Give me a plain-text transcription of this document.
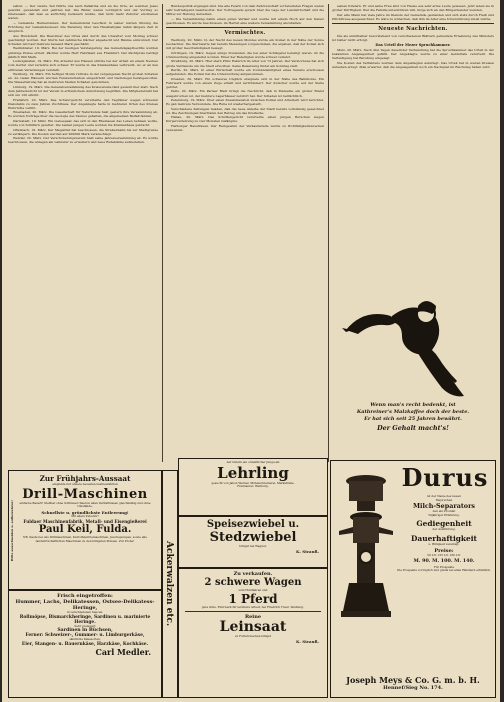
selbst. — Der zweite Teil führte uns nach Palästina und an die Orte, an welchen Jesus gewirkt, gewandelt und gelitten hat. Die Bilder waren vorzüglich und der Vortrag so interessant, daß man es aufrichtig bedauern mußte, daß nicht mehr Zuhörer erschienen waren.

— Gemeinde Heimersleben. Der Gemeinderat beschloß in seiner letzten Sitzung die Erhöhung der Gemeindesteuer. Die Beratung über den Haushaltplan nahm längere Zeit in Anspruch.

Aus Hundstadt. Die Bewohner des Ortes sind durch das Unwetter vom Montag schwer geschädigt worden. Der Sturm hat zahlreiche Dächer abgedeckt und Bäume entwurzelt. Der Schaden wird auf mehrere tausend Mark geschätzt.

Weilmünster, 19. März. Bei der heutigen Versteigerung des Gemeindejagdbezirks wurden günstige Preise erzielt. Pächter wurde Herr Fabrikant aus Frankfurt. Der Pachtpreis beträgt jährlich 800 Mark.

Ludwigshafen, 19. März. Ein Arbeiter aus Hausen stürzte bei der Arbeit an einem Neubau vom Gerüst und verletzte sich schwer. Er wurde in das Krankenhaus verbracht, wo er an den erlittenen Verletzungen verstarb.

Weilburg, 19. März. Ein heftiger Sturm richtete in der vergangenen Nacht großen Schaden an. An vielen Häusern wurden Fensterscheiben eingedrückt und Dachziegel herabgeworfen. Die Wasserleitung hat an mehreren Stellen Schaden genommen.

Limburg, 19. März. Die Generalversammlung des Kreisvereins fand gestern hier statt. Nach dem Jahresbericht ist der Verein in erfreulichem Aufschwung begriffen. Die Mitgliederzahl hat sich um 120 erhöht.

Frankfurt, 20. März. Das Schwurgericht verurteilte den Taglöhner wegen schweren Diebstahls zu zwei Jahren Zuchthaus. Der Angeklagte hatte in mehreren Orten des Kreises Einbrüche verübt.

Wiesbaden, 20. März. Die Gesellschaft für Naturkunde hielt gestern ihre Versammlung ab. Es wurden Vorträge über die Geologie des Taunus gehalten, die allgemeinen Beifall fanden.

Darmstadt, 19. März. Ein Liebespaar, das sich in den Rheinauen das Leben nehmen wollte, wurde von Schiffern gerettet. Die beiden jungen Leute wurden ins Krankenhaus gebracht.

Offenbach, 19. März. Der Magistrat hat beschlossen, die Straßenbahn bis zur Stadtgrenze zu verlängern. Die Kosten werden auf 200000 Mark veranschlagt.

Wetzlar, 20. März. Der Verschönerungsverein hielt seine Jahresversammlung ab. Es wurde beschlossen, die Anlagen am Lahnufer zu erweitern und neue Ruhebänke aufzustellen.

Bundespolitik ergangen sind. Die alle Feiern von dem Zuhörerschaft vorbereiteten Fragen waren sehr befriedigend beantwortet. Der Vortragende sprach über die Lage der Landwirtschaft und die Mittel zur Hebung derselben.

— Die Versammlung nahm einen guten Verlauf und wurde mit einem Hoch auf den Kaiser geschlossen. Es wurde beschlossen, im Herbst eine weitere Versammlung abzuhalten.

Vermischtes.

Weilburg, 20. März. In der Nacht des neuen Mondes wurde ein Komet in der Nähe der Sonne beobachtet. Die Sternwarte hat bereits Messungen vorgenommen, die ergaben, daß der Komet sich mit großer Geschwindigkeit bewegt.

Göttingen, 19. März. Gegen einige Studenten, die bei einer Schlägerei beteiligt waren, ist die Untersuchung eingeleitet worden. Einer der Beteiligten wurde schwer verletzt.

Straßburg, 20. März. Hier starb Prinz Heinrich im Alter von 72 Jahren. Der Verstorbene hat sich große Verdienste um die Stadt erworben. Seine Beisetzung findet am Sonntag statt.

Berlin, 20. März. In einer Wirtschaft wurde ein Vorstandsmitglied eines Vereins erschossen aufgefunden. Die Polizei hat die Untersuchung aufgenommen.

Dresden, 20. März. Ein schweres Unglück ereignete sich in der Nähe des Bahnhofes. Ein Fuhrwerk wurde von einem Zuge erfaßt und zertrümmert. Der Kutscher wurde auf der Stelle getötet.

Paris, 20. März. Ein Pariser Blatt bringt die Nachricht, daß in Marseille ein großer Brand ausgebrochen ist, der mehrere Lagerhäuser zerstört hat. Der Schaden ist beträchtlich.

Petersburg, 19. März. Über einen Zusammenstoß zwischen Polizei und Arbeitern wird berichtet. Es gab mehrere Verwundete. Die Ruhe ist wiederhergestellt.

Verschiedene Zeitungen melden, daß die neue Anleihe der Stadt bereits vollständig gezeichnet ist. Die Zeichnungen übertrafen den Betrag um das Dreifache.

Hanau, 20. März. Das Schöffengericht verurteilte einen jungen Burschen wegen Körperverletzung zu vier Monaten Gefängnis.

Harburger Hausfrauen. Der Reingewinn der Verkaufsstelle wurde zu Wohltätigkeitszwecken verwendet.

seinen Kindern. Er und seine Frau sind von Hause aus sehr arme Leute gewesen. Jetzt leben sie in großer Dürftigkeit. Wer die Familie unterstützen will, möge sich an den Bürgermeister wenden.

Der alte Mann hat viele Jahre im Dienste der Gemeinde gestanden und sich stets durch Fleiß und Pflichttreue ausgezeichnet. Es wäre zu wünschen, daß ihm im Alter eine Unterstützung zuteil würde.

Neueste Nachrichten.

Die als unmittelbar bevorstehend von verschiedenen Blättern gemeldete Ernennung des Ministers ist bisher nicht erfolgt.

Das Urteil der Mezer Spruchkammer.

Metz, 20. März. Nach drei Tagen dauernder Verhandlung hat die Spruchkammer das Urteil in der bekannten Angelegenheit gefällt. Der Angeklagte wurde zu einer Geldstrafe verurteilt. Die Verteidigung hat Berufung eingelegt.

Die Kosten des Verfahrens wurden dem Angeklagten auferlegt. Das Urteil hat in weiten Kreisen Aufsehen erregt. Man erwartet, daß die Angelegenheit noch ein Nachspiel im Reichstag haben wird.

Wenn man's recht bedenkt, ist
Kathreiner's Malzkaffee doch der beste.
Er hat sich seit 25 Jahren bewährt.
Der Gehalt macht's!
Zur Frühjahrs-Aussaat
empfehle mir unsere neuesten bestbewährten
Drill-Maschinen
einfache Bauart! Stellbar ohne Schlüssel! Säen in allen Verhältnissen gleichmäßig und ohne Umstände.
Schnellste u. gründlichste Entleerung!
Mit allem Zubehör!
Fuldaer Maschinenfabrik, Metall- und Eisengießerei
Paul Keil, Fulda.
NB. Kaufe bei uns Drillmaschinen, Kartoffelerntemaschinen, Jauchepumpen, sowie alle landwirtschaftlichen Maschinen zu den billigsten Preisen. Zur Probe!
Bitte ausschneiden u. aufbewahren!
Frisch eingetroffen:
Hummer, Lachs, Delikatessen, Ostsee-Delikatess-Heringe,
in verschiedenen Saucen.
Rollmöpse, Bismarckheringe, Sardinen u. marinierte Heringe.
Sehr preiswert
Sardinen in Büchsen,
Ferner: Schweizer-, Gummer- u. Limburgerkäse,
sämtliche Käsesorten,
Eier, Stangen- u. Bauernkäse, Harzkäse, Kochkäse.
Carl Medler.
Ackerwalzen etc.
Auf Ostern ein ordentlicher Junge als
Lehrling
gesucht von Jakob Werner, Möbelschreinerei, Markstraße.
Freimaurer, Weilburg.
Speisezwiebel u.
Stedzwiebel
billigst bei Wagner,
K. Strauß.
Zu verkaufen.
2 schwere Wagen
zum Holzfahren und
1 Pferd
gute Güte, Fuhrwerk für leichtere Arbeit, bei Friedrich Traut. Weilburg.
Reine
Leinsaat
zu Futterzwecken billigst
K. Strauß.
Durus
ist der Name des neuen
Meys'schen
Milch-Separators
den ein Produkt
50jähriger Erfahrung.
Gediegenheit
der Ausführung.
Dauerhaftigkeit
u. Billigkeit vereinigt.
Preise:
50 Ltr. 125 Ltr. 160 Ltr.
M. 90. M. 100. M. 140.
Für Prospekte
Die Prospekte vorzüglich und gratis bei allen Händlern erhältlich.
Joseph Meys & Co. G. m. b. H.
Hennef/Sieg No. 174.
